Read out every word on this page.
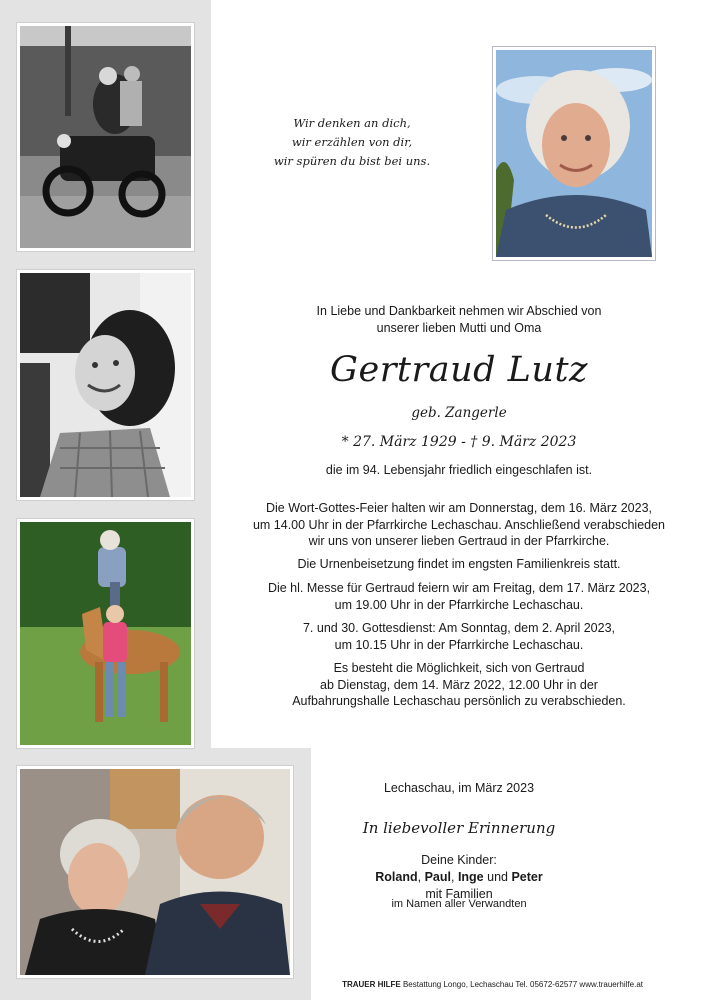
Wir denken an dich,
wir erzählen von dir,
wir spüren du bist bei uns.
In Liebe und Dankbarkeit nehmen wir Abschied von
unserer lieben Mutti und Oma
Gertraud Lutz
geb. Zangerle
* 27. März 1929 - † 9. März 2023
die im 94. Lebensjahr friedlich eingeschlafen ist.
Die Wort-Gottes-Feier halten wir am Donnerstag, dem 16. März 2023,
um 14.00 Uhr in der Pfarrkirche Lechaschau. Anschließend verabschieden
wir uns von unserer lieben Gertraud in der Pfarrkirche.
Die Urnenbeisetzung findet im engsten Familienkreis statt.
Die hl. Messe für Gertraud feiern wir am Freitag, dem 17. März 2023,
um 19.00 Uhr in der Pfarrkirche Lechaschau.
7. und 30. Gottesdienst: Am Sonntag, dem 2. April 2023,
um 10.15 Uhr in der Pfarrkirche Lechaschau.
Es besteht die Möglichkeit, sich von Gertraud
ab Dienstag, dem 14. März 2022, 12.00 Uhr in der
Aufbahrungshalle Lechaschau persönlich zu verabschieden.
Lechaschau, im März 2023
In liebevoller Erinnerung
Deine Kinder:
Roland, Paul, Inge und Peter
mit Familien
im Namen aller Verwandten
TRAUER HILFE Bestattung Longo, Lechaschau Tel. 05672-62577 www.trauerhilfe.at
